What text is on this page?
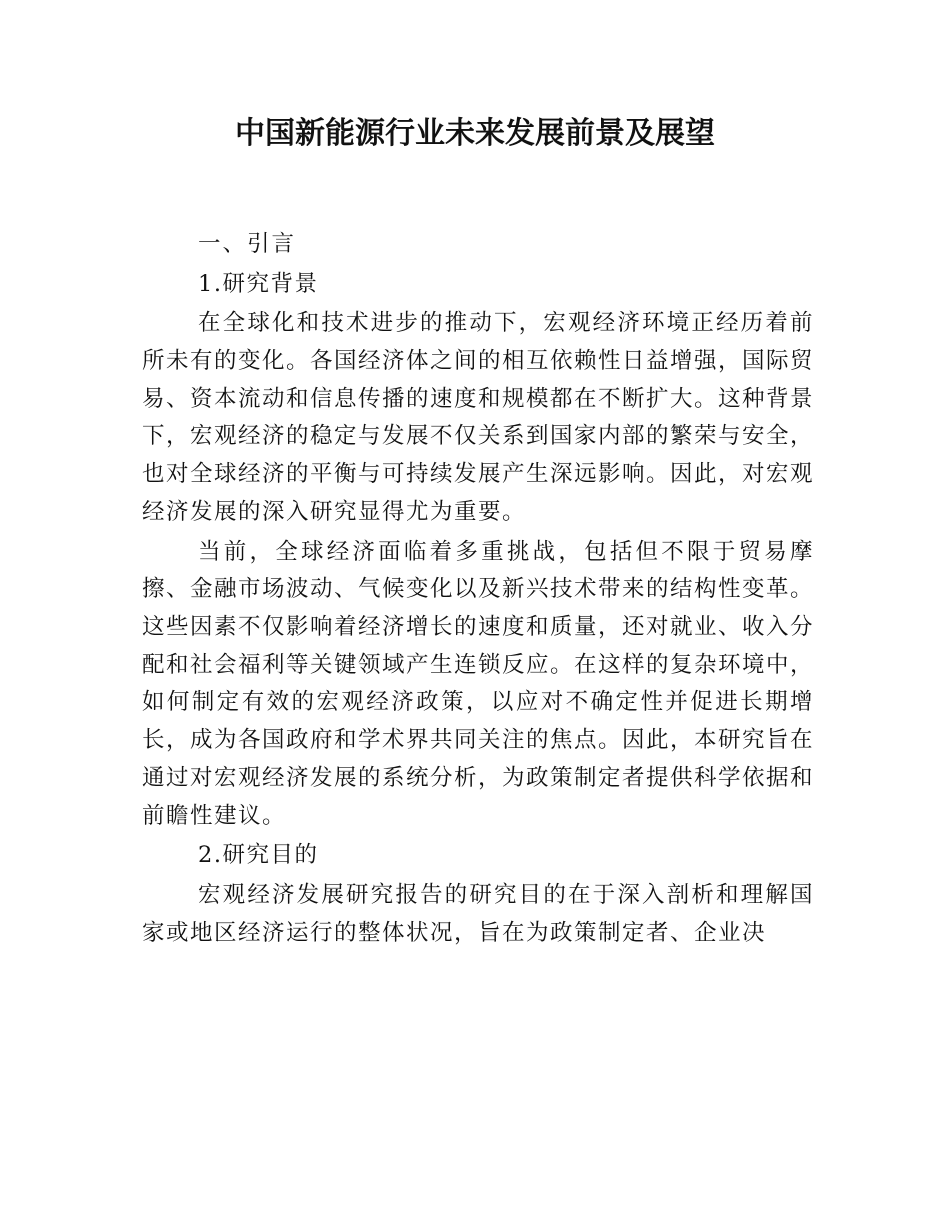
中国新能源行业未来发展前景及展望
一、引言
1.研究背景

在全球化和技术进步的推动下，宏观经济环境正经历着前所未有的变化。各国经济体之间的相互依赖性日益增强，国际贸易、资本流动和信息传播的速度和规模都在不断扩大。这种背景下，宏观经济的稳定与发展不仅关系到国家内部的繁荣与安全，也对全球经济的平衡与可持续发展产生深远影响。因此，对宏观经济发展的深入研究显得尤为重要。

当前，全球经济面临着多重挑战，包括但不限于贸易摩擦、金融市场波动、气候变化以及新兴技术带来的结构性变革。这些因素不仅影响着经济增长的速度和质量，还对就业、收入分配和社会福利等关键领域产生连锁反应。在这样的复杂环境中，如何制定有效的宏观经济政策，以应对不确定性并促进长期增长，成为各国政府和学术界共同关注的焦点。因此，本研究旨在通过对宏观经济发展的系统分析，为政策制定者提供科学依据和前瞻性建议。

2.研究目的

宏观经济发展研究报告的研究目的在于深入剖析和理解国家或地区经济运行的整体状况，旨在为政策制定者、企业决
